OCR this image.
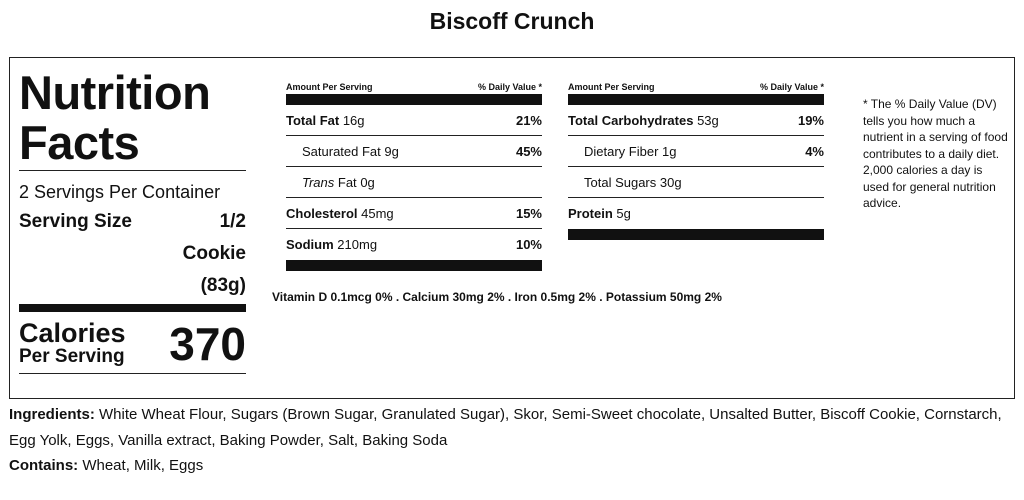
Biscoff Crunch
Nutrition
Facts
2 Servings Per Container
Serving Size	1/2
Cookie
(83g)
Calories
Per Serving 370
Amount Per Serving	% Daily Value *
Total Fat 16g	21%
Saturated Fat 9g	45%
Trans Fat 0g
Cholesterol 45mg	15%
Sodium 210mg	10%
Amount Per Serving	% Daily Value *
Total Carbohydrates 53g	19%
Dietary Fiber 1g	4%
Total Sugars 30g
Protein 5g
Vitamin D 0.1mcg 0% . Calcium 30mg 2% . Iron 0.5mg 2% . Potassium 50mg 2%
* The % Daily Value (DV) tells you how much a nutrient in a serving of food contributes to a daily diet. 2,000 calories a day is used for general nutrition advice.
Ingredients: White Wheat Flour, Sugars (Brown Sugar, Granulated Sugar), Skor, Semi-Sweet chocolate, Unsalted Butter, Biscoff Cookie, Cornstarch, Egg Yolk, Eggs, Vanilla extract, Baking Powder, Salt, Baking Soda
Contains: Wheat, Milk, Eggs
